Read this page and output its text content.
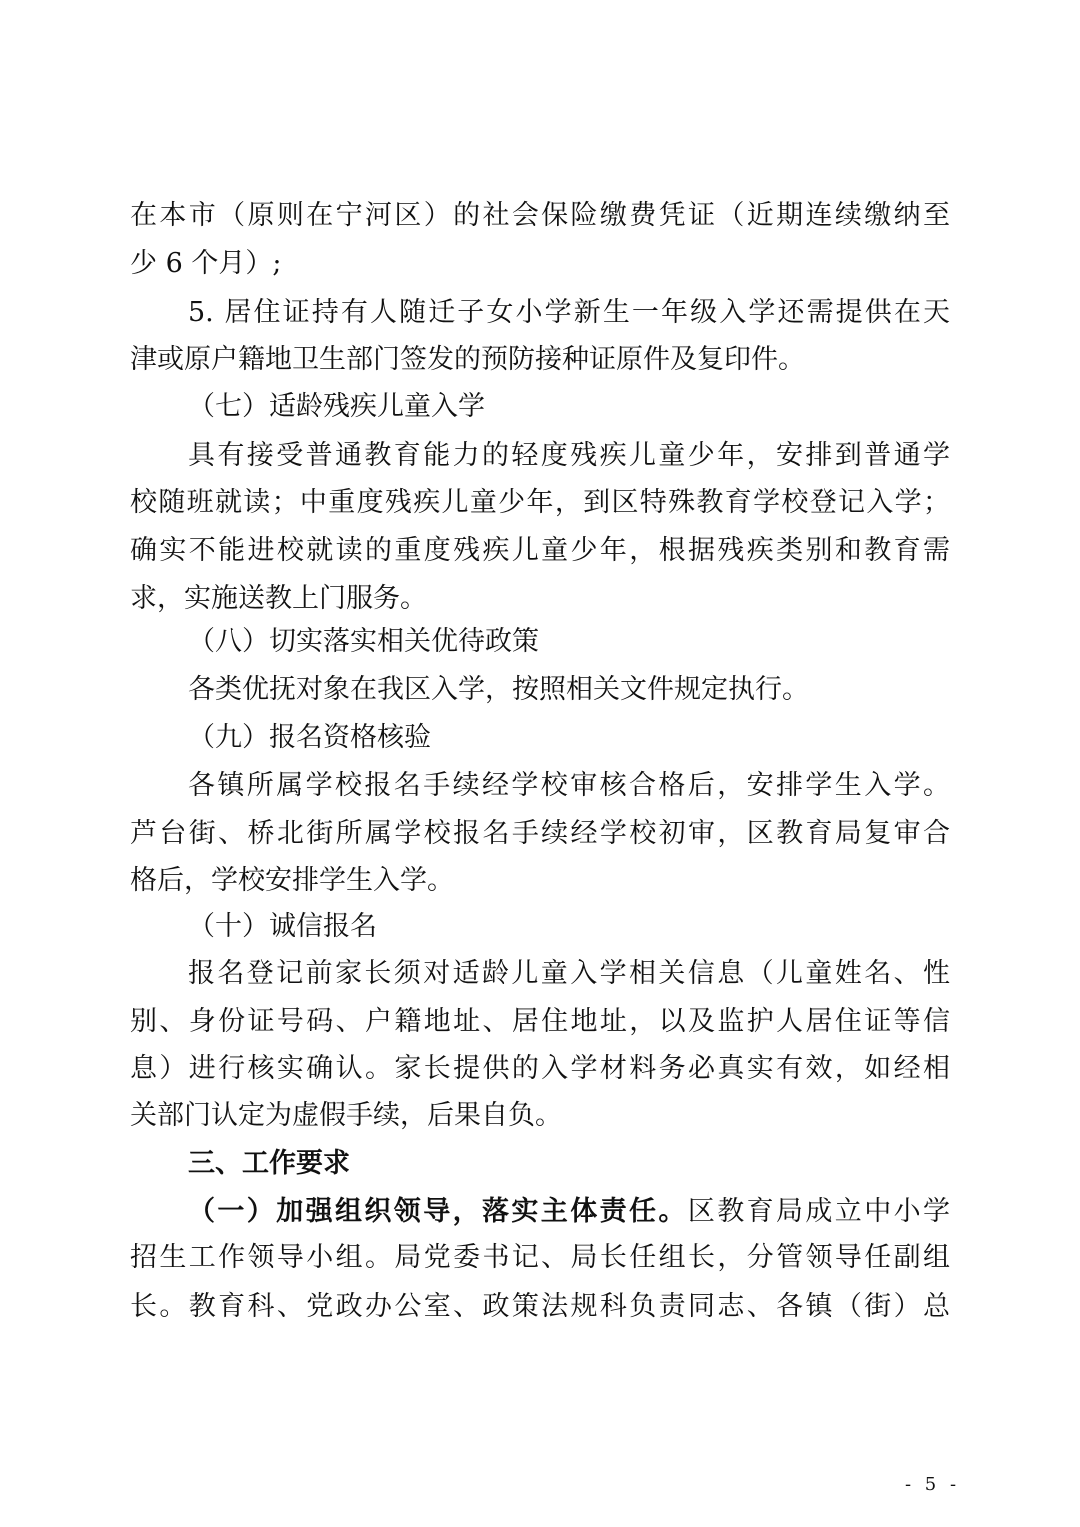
在本市（原则在宁河区）的社会保险缴费凭证（近期连续缴纳至
少 6 个月）;
5. 居住证持有人随迁子女小学新生一年级入学还需提供在天
津或原户籍地卫生部门签发的预防接种证原件及复印件。
（七）适龄残疾儿童入学
具有接受普通教育能力的轻度残疾儿童少年，安排到普通学
校随班就读；中重度残疾儿童少年，到区特殊教育学校登记入学；
确实不能进校就读的重度残疾儿童少年，根据残疾类别和教育需
求，实施送教上门服务。
（八）切实落实相关优待政策
各类优抚对象在我区入学，按照相关文件规定执行。
（九）报名资格核验
各镇所属学校报名手续经学校审核合格后，安排学生入学。
芦台街、桥北街所属学校报名手续经学校初审，区教育局复审合
格后，学校安排学生入学。
（十）诚信报名
报名登记前家长须对适龄儿童入学相关信息（儿童姓名、性
别、身份证号码、户籍地址、居住地址，以及监护人居住证等信
息）进行核实确认。家长提供的入学材料务必真实有效，如经相
关部门认定为虚假手续，后果自负。
三、工作要求
（一）加强组织领导，落实主体责任。区教育局成立中小学
招生工作领导小组。局党委书记、局长任组长，分管领导任副组
长。教育科、党政办公室、政策法规科负责同志、各镇（街）总
- 5 -
